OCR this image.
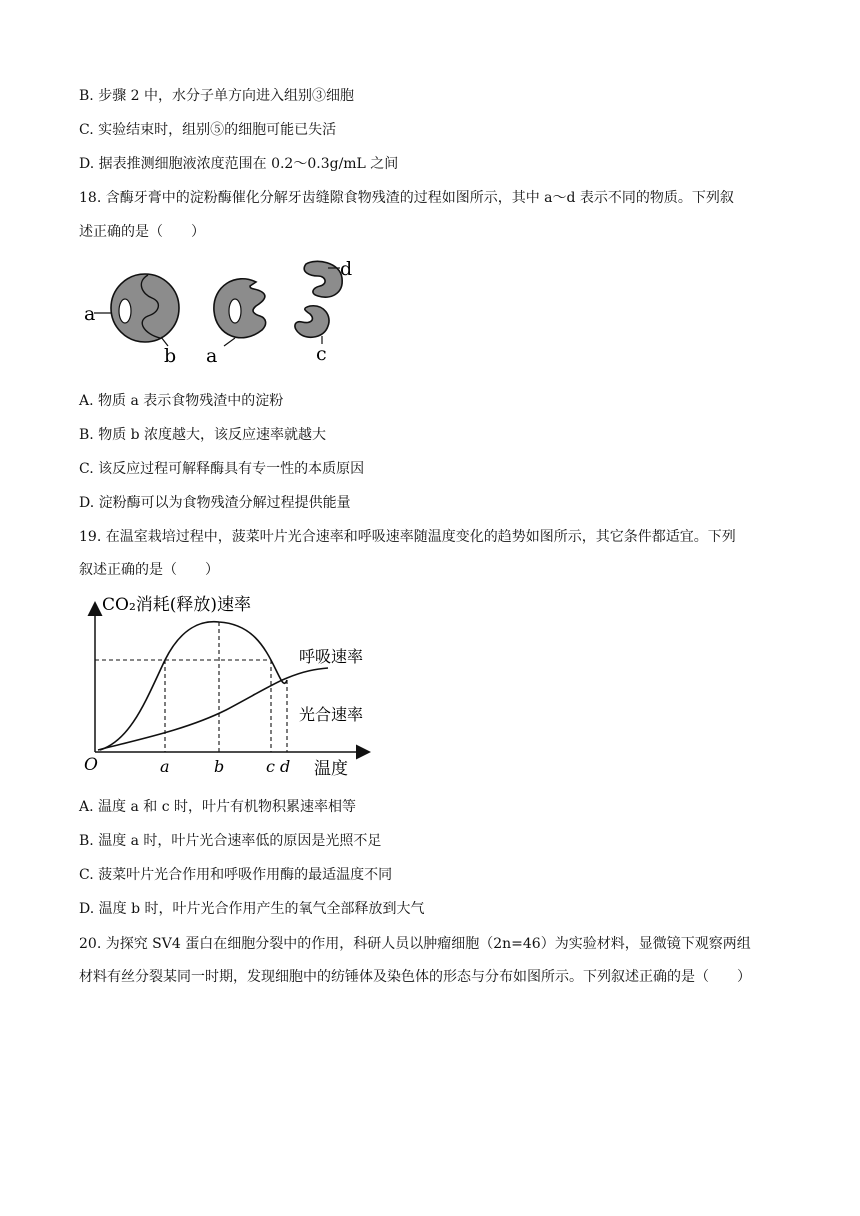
B. 步骤 2 中，水分子单方向进入组别③细胞
C. 实验结束时，组别⑤的细胞可能已失活
D. 据表推测细胞液浓度范围在 0.2～0.3g/mL 之间
18. 含酶牙膏中的淀粉酶催化分解牙齿缝隙食物残渣的过程如图所示，其中 a～d 表示不同的物质。下列叙
述正确的是（　　）
a
b a
d
c
A. 物质 a 表示食物残渣中的淀粉
B. 物质 b 浓度越大，该反应速率就越大
C. 该反应过程可解释酶具有专一性的本质原因
D. 淀粉酶可以为食物残渣分解过程提供能量
19. 在温室栽培过程中，菠菜叶片光合速率和呼吸速率随温度变化的趋势如图所示，其它条件都适宜。下列
叙述正确的是（　　）
CO₂消耗(释放)速率
温度
O	a	b	c d
呼吸速率
光合速率
A. 温度 a 和 c 时，叶片有机物积累速率相等
B. 温度 a 时，叶片光合速率低的原因是光照不足
C. 菠菜叶片光合作用和呼吸作用酶的最适温度不同
D. 温度 b 时，叶片光合作用产生的氧气全部释放到大气
20. 为探究 SV4 蛋白在细胞分裂中的作用，科研人员以肿瘤细胞（2n=46）为实验材料，显微镜下观察两组
材料有丝分裂某同一时期，发现细胞中的纺锤体及染色体的形态与分布如图所示。下列叙述正确的是（　　）
